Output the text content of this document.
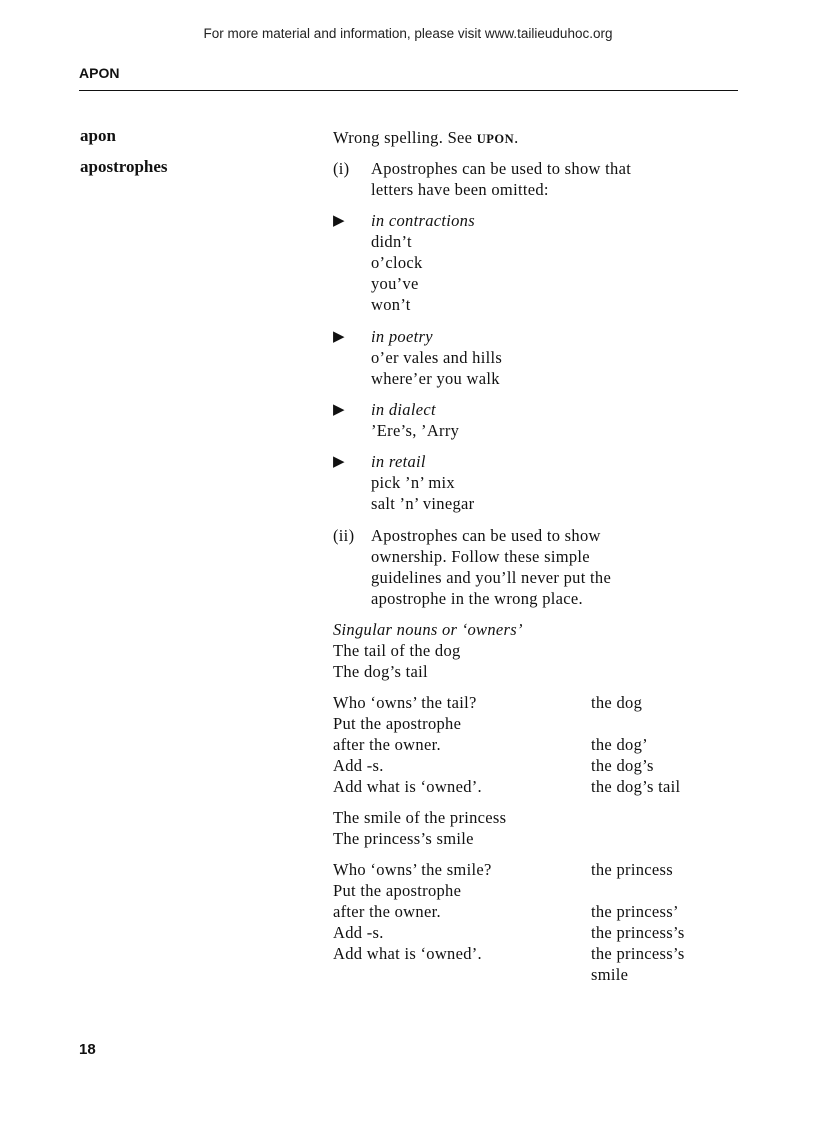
For more material and information, please visit www.tailieuduhoc.org
APON
apon	Wrong spelling. See UPON.
apostrophes	(i) Apostrophes can be used to show that
letters have been omitted:
▶ in contractions
didn’t
o’clock
you’ve
won’t
▶ in poetry
o’er vales and hills
where’er you walk
▶ in dialect
’Ere’s, ’Arry
▶ in retail
pick ’n’ mix
salt ’n’ vinegar
(ii) Apostrophes can be used to show
ownership. Follow these simple
guidelines and you’ll never put the
apostrophe in the wrong place.
Singular nouns or ‘owners’
The tail of the dog
The dog’s tail
Who ‘owns’ the tail?
Put the apostrophe
after the owner.
Add -s.
Add what is ‘owned’.
the dog
the dog’
the dog’s
the dog’s tail
The smile of the princess
The princess’s smile
Who ‘owns’ the smile?
Put the apostrophe
after the owner.
Add -s.
Add what is ‘owned’.
the princess
the princess’
the princess’s
the princess’s
smile
18
